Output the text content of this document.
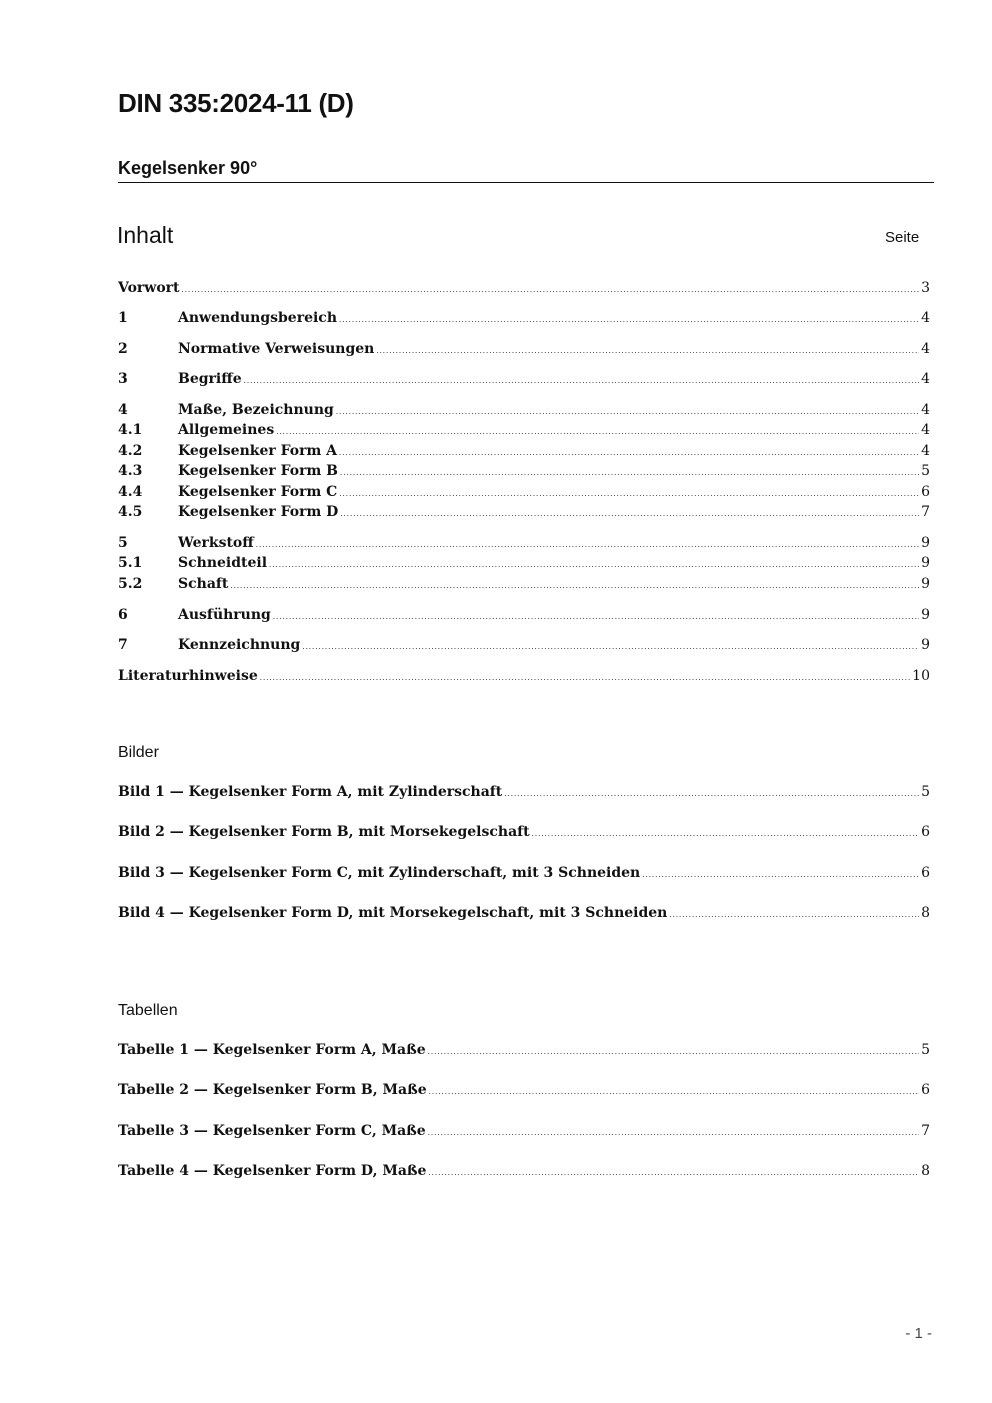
DIN 335:2024-11 (D)
Kegelsenker 90°
Inhalt	Seite
Vorwort .....	3
1	Anwendungsbereich .....	4
2	Normative Verweisungen .....	4
3	Begriffe .....	4
4	Maße, Bezeichnung .....	4
4.1	Allgemeines .....	4
4.2	Kegelsenker Form A .....	4
4.3	Kegelsenker Form B .....	5
4.4	Kegelsenker Form C .....	6
4.5	Kegelsenker Form D .....	7
5	Werkstoff .....	9
5.1	Schneidteil .....	9
5.2	Schaft .....	9
6	Ausführung .....	9
7	Kennzeichnung .....	9
Literaturhinweise .....	10
Bilder
Bild 1 — Kegelsenker Form A, mit Zylinderschaft .....	5
Bild 2 — Kegelsenker Form B, mit Morsekegelschaft .....	6
Bild 3 — Kegelsenker Form C, mit Zylinderschaft, mit 3 Schneiden .....	6
Bild 4 — Kegelsenker Form D, mit Morsekegelschaft, mit 3 Schneiden .....	8
Tabellen
Tabelle 1 — Kegelsenker Form A, Maße .....	5
Tabelle 2 — Kegelsenker Form B, Maße .....	6
Tabelle 3 — Kegelsenker Form C, Maße .....	7
Tabelle 4 — Kegelsenker Form D, Maße .....	8
- 1 -
